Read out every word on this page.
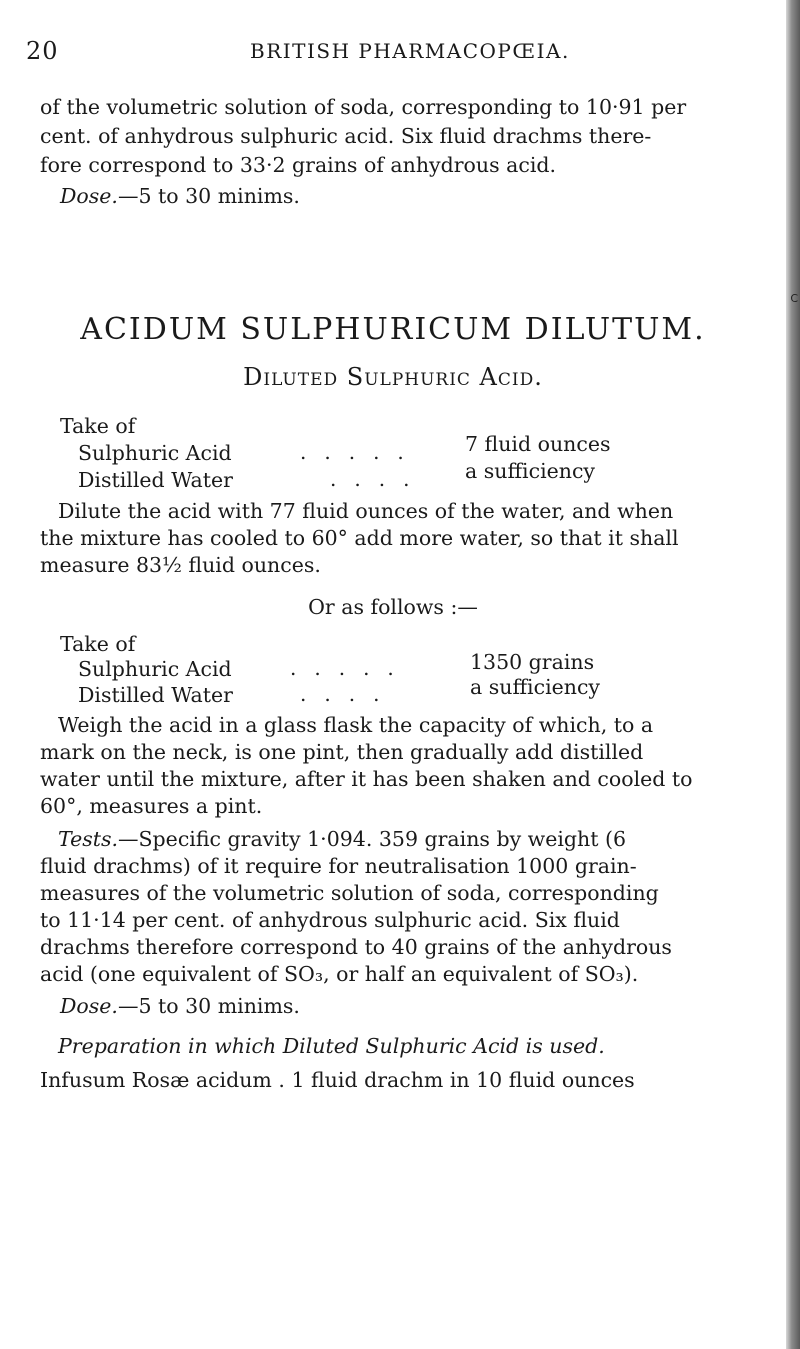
C
20	BRITISH PHARMACOPŒIA.
of the volumetric solution of soda, corresponding to 10·91 per
cent. of anhydrous sulphuric acid. Six fluid drachms there-
fore correspond to 33·2 grains of anhydrous acid.
Dose.—5 to 30 minims.
ACIDUM SULPHURICUM DILUTUM.
Diluted Sulphuric Acid.
Take of
Sulphuric Acid	..... 7 fluid ounces
Distilled Water	.... a sufficiency
Dilute the acid with 77 fluid ounces of the water, and when
the mixture has cooled to 60° add more water, so that it shall
measure 83½ fluid ounces.
Or as follows :—
Take of
Sulphuric Acid	.....	1350 grains
Distilled Water	....	a sufficiency
Weigh the acid in a glass flask the capacity of which, to a
mark on the neck, is one pint, then gradually add distilled
water until the mixture, after it has been shaken and cooled to
60°, measures a pint.
Tests.—Specific gravity 1·094. 359 grains by weight (6
fluid drachms) of it require for neutralisation 1000 grain-
measures of the volumetric solution of soda, corresponding
to 11·14 per cent. of anhydrous sulphuric acid. Six fluid
drachms therefore correspond to 40 grains of the anhydrous
acid (one equivalent of SO₃, or half an equivalent of SO₃).
Dose.—5 to 30 minims.
Preparation in which Diluted Sulphuric Acid is used.
Infusum Rosæ acidum . 1 fluid drachm in 10 fluid ounces
